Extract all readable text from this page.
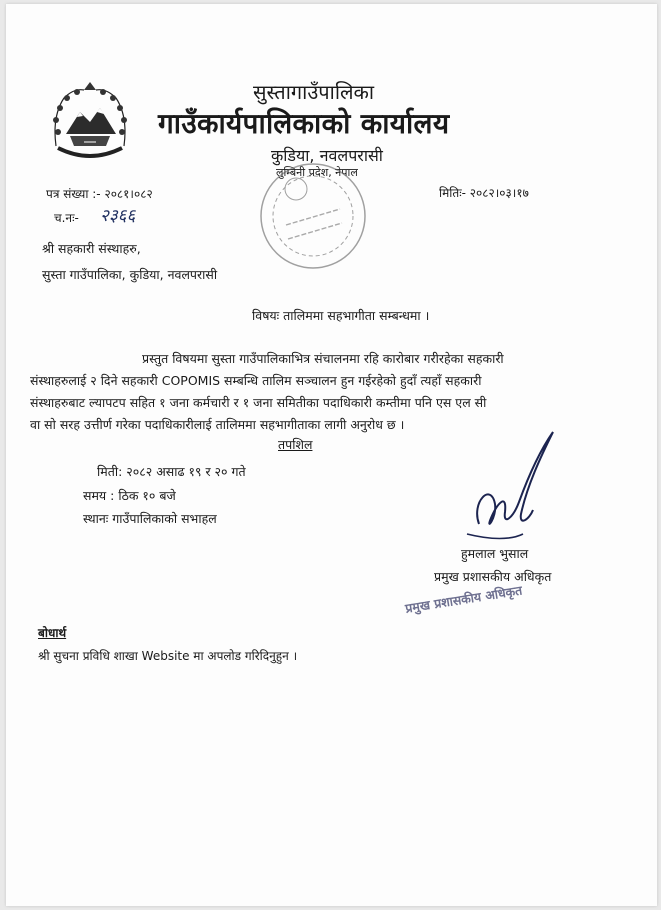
सुस्तागाउँपालिका
गाउँकार्यपालिकाको कार्यालय
कुडिया, नवलपरासी
लुम्बिनी प्रदेश, नेपाल
पत्र संख्या :- २०८१।०८२
च.नः- २३६६
मितिः- २०८२।०३।१७
श्री सहकारी संस्थाहरु,
सुस्ता गाउँपालिका, कुडिया, नवलपरासी
विषयः तालिममा सहभागीता सम्बन्धमा ।
प्रस्तुत विषयमा सुस्ता गाउँपालिकाभित्र संचालनमा रहि कारोबार गरीरहेका सहकारी
संस्थाहरुलाई २ दिने सहकारी COPOMIS सम्बन्धि तालिम सञ्चालन हुन गईरहेको हुदाँ त्यहाँ सहकारी
संस्थाहरुबाट ल्यापटप सहित १ जना कर्मचारी र १ जना समितीका पदाधिकारी कम्तीमा पनि एस एल सी
वा सो सरह उत्तीर्ण गरेका पदाधिकारीलाई तालिममा सहभागीताका लागी अनुरोध छ ।
तपशिल
मिती: २०८२ असाढ १९ र २० गते
समय : ठिक १० बजे
स्थानः गाउँपालिकाको सभाहल
हुमलाल भुसाल
प्रमुख प्रशासकीय अधिकृत
प्रमुख प्रशासकीय अधिकृत
बोधार्थ
श्री सुचना प्रविधि शाखा Website मा अपलोड गरिदिनुहुन ।
